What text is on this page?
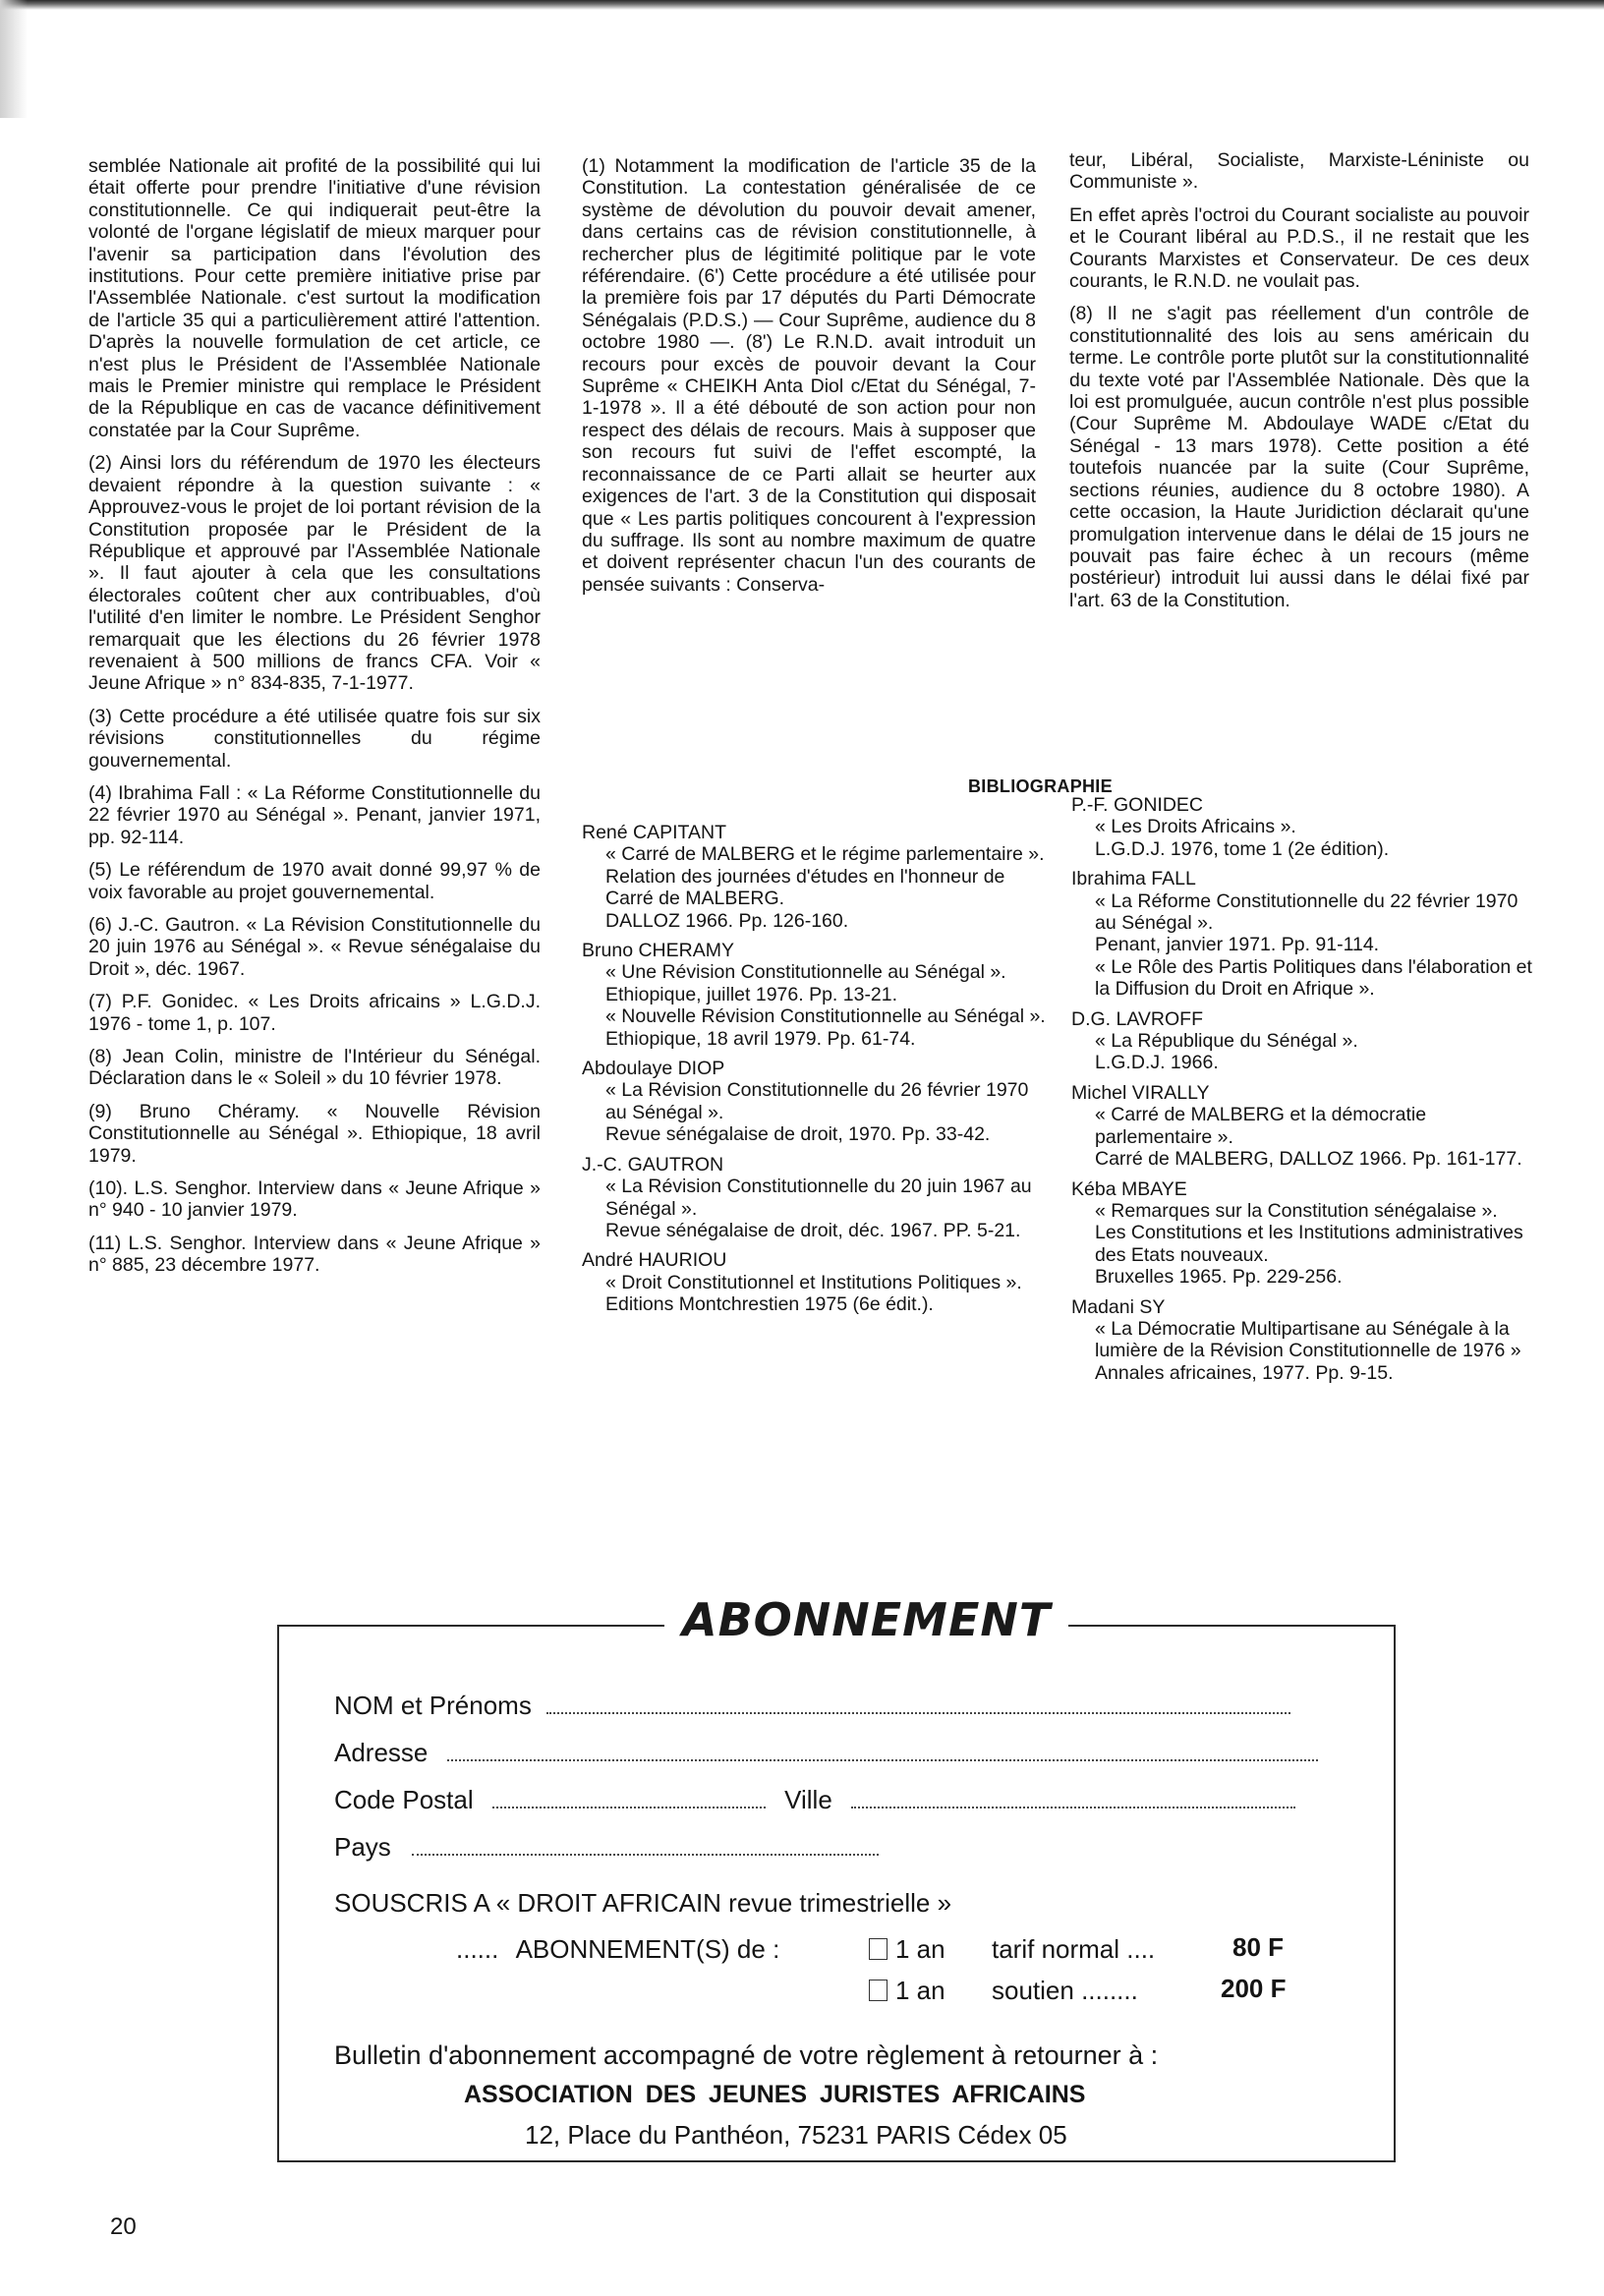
semblée Nationale ait profité de la possibilité qui lui était offerte pour prendre l'initiative d'une révision constitutionnelle. Ce qui indiquerait peut-être la volonté de l'organe législatif de mieux marquer pour l'avenir sa participation dans l'évolution des institutions. Pour cette première initiative prise par l'Assemblée Nationale. c'est surtout la modification de l'article 35 qui a particulièrement attiré l'attention. D'après la nouvelle formulation de cet article, ce n'est plus le Président de l'Assemblée Nationale mais le Premier ministre qui remplace le Président de la République en cas de vacance définitivement constatée par la Cour Suprême.

(2) Ainsi lors du référendum de 1970 les électeurs devaient répondre à la question suivante : « Approuvez-vous le projet de loi portant révision de la Constitution proposée par le Président de la République et approuvé par l'Assemblée Nationale ». Il faut ajouter à cela que les consultations électorales coûtent cher aux contribuables, d'où l'utilité d'en limiter le nombre. Le Président Senghor remarquait que les élections du 26 février 1978 revenaient à 500 millions de francs CFA. Voir « Jeune Afrique » n° 834-835, 7-1-1977.

(3) Cette procédure a été utilisée quatre fois sur six révisions constitutionnelles du régime gouvernemental.

(4) Ibrahima Fall : « La Réforme Constitutionnelle du 22 février 1970 au Sénégal ». Penant, janvier 1971, pp. 92-114.

(5) Le référendum de 1970 avait donné 99,97 % de voix favorable au projet gouvernemental.

(6) J.-C. Gautron. « La Révision Constitutionnelle du 20 juin 1976 au Sénégal ». « Revue sénégalaise du Droit », déc. 1967.

(7) P.F. Gonidec. « Les Droits africains » L.G.D.J. 1976 - tome 1, p. 107.

(8) Jean Colin, ministre de l'Intérieur du Sénégal. Déclaration dans le « Soleil » du 10 février 1978.

(9) Bruno Chéramy. « Nouvelle Révision Constitutionnelle au Sénégal ». Ethiopique, 18 avril 1979.

(10). L.S. Senghor. Interview dans « Jeune Afrique » n° 940 - 10 janvier 1979.

(11) L.S. Senghor. Interview dans « Jeune Afrique » n° 885, 23 décembre 1977.

(1) Notamment la modification de l'article 35 de la Constitution. La contestation généralisée de ce système de dévolution du pouvoir devait amener, dans certains cas de révision constitutionnelle, à rechercher plus de légitimité politique par le vote référendaire. (6') Cette procédure a été utilisée pour la première fois par 17 députés du Parti Démocrate Sénégalais (P.D.S.) — Cour Suprême, audience du 8 octobre 1980 —. (8') Le R.N.D. avait introduit un recours pour excès de pouvoir devant la Cour Suprême « CHEIKH Anta Diol c/Etat du Sénégal, 7-1-1978 ». Il a été débouté de son action pour non respect des délais de recours. Mais à supposer que son recours fut suivi de l'effet escompté, la reconnaissance de ce Parti allait se heurter aux exigences de l'art. 3 de la Constitution qui disposait que « Les partis politiques concourent à l'expression du suffrage. Ils sont au nombre maximum de quatre et doivent représenter chacun l'un des courants de pensée suivants : Conserva-

teur, Libéral, Socialiste, Marxiste-Léniniste ou Communiste ».

En effet après l'octroi du Courant socialiste au pouvoir et le Courant libéral au P.D.S., il ne restait que les Courants Marxistes et Conservateur. De ces deux courants, le R.N.D. ne voulait pas.

(8) Il ne s'agit pas réellement d'un contrôle de constitutionnalité des lois au sens américain du terme. Le contrôle porte plutôt sur la constitutionnalité du texte voté par l'Assemblée Nationale. Dès que la loi est promulguée, aucun contrôle n'est plus possible (Cour Suprême M. Abdoulaye WADE c/Etat du Sénégal - 13 mars 1978). Cette position a été toutefois nuancée par la suite (Cour Suprême, sections réunies, audience du 8 octobre 1980). A cette occasion, la Haute Juridiction déclarait qu'une promulgation intervenue dans le délai de 15 jours ne pouvait pas faire échec à un recours (même postérieur) introduit lui aussi dans le délai fixé par l'art. 63 de la Constitution.

BIBLIOGRAPHIE
René CAPITANT
« Carré de MALBERG et le régime parlementaire ».
Relation des journées d'études en l'honneur de Carré de MALBERG.
DALLOZ 1966. Pp. 126-160.
Bruno CHERAMY
« Une Révision Constitutionnelle au Sénégal ».
Ethiopique, juillet 1976. Pp. 13-21.
« Nouvelle Révision Constitutionnelle au Sénégal ».
Ethiopique, 18 avril 1979. Pp. 61-74.
Abdoulaye DIOP
« La Révision Constitutionnelle du 26 février 1970 au Sénégal ».
Revue sénégalaise de droit, 1970. Pp. 33-42.
J.-C. GAUTRON
« La Révision Constitutionnelle du 20 juin 1967 au Sénégal ».
Revue sénégalaise de droit, déc. 1967. PP. 5-21.
André HAURIOU
« Droit Constitutionnel et Institutions Politiques ».
Editions Montchrestien 1975 (6e édit.).
P.-F. GONIDEC
« Les Droits Africains ».
L.G.D.J. 1976, tome 1 (2e édition).
Ibrahima FALL
« La Réforme Constitutionnelle du 22 février 1970 au Sénégal ».
Penant, janvier 1971. Pp. 91-114.
« Le Rôle des Partis Politiques dans l'élaboration et la Diffusion du Droit en Afrique ».
D.G. LAVROFF
« La République du Sénégal ».
L.G.D.J. 1966.
Michel VIRALLY
« Carré de MALBERG et la démocratie parlementaire ».
Carré de MALBERG, DALLOZ 1966. Pp. 161-177.
Kéba MBAYE
« Remarques sur la Constitution sénégalaise ».
Les Constitutions et les Institutions administratives des Etats nouveaux.
Bruxelles 1965. Pp. 229-256.
Madani SY
« La Démocratie Multipartisane au Sénégale à la lumière de la Révision Constitutionnelle de 1976 »
Annales africaines, 1977. Pp. 9-15.
ABONNEMENT
NOM et Prénoms
Adresse
Code Postal	Ville
Pays
SOUSCRIS A « DROIT AFRICAIN revue trimestrielle »
...... ABONNEMENT(S) de :	1 an tarif normal ....	80 F
1 an soutien ........	200 F
Bulletin d'abonnement accompagné de votre règlement à retourner à :
ASSOCIATION DES JEUNES JURISTES AFRICAINS
12, Place du Panthéon, 75231 PARIS Cédex 05
20
